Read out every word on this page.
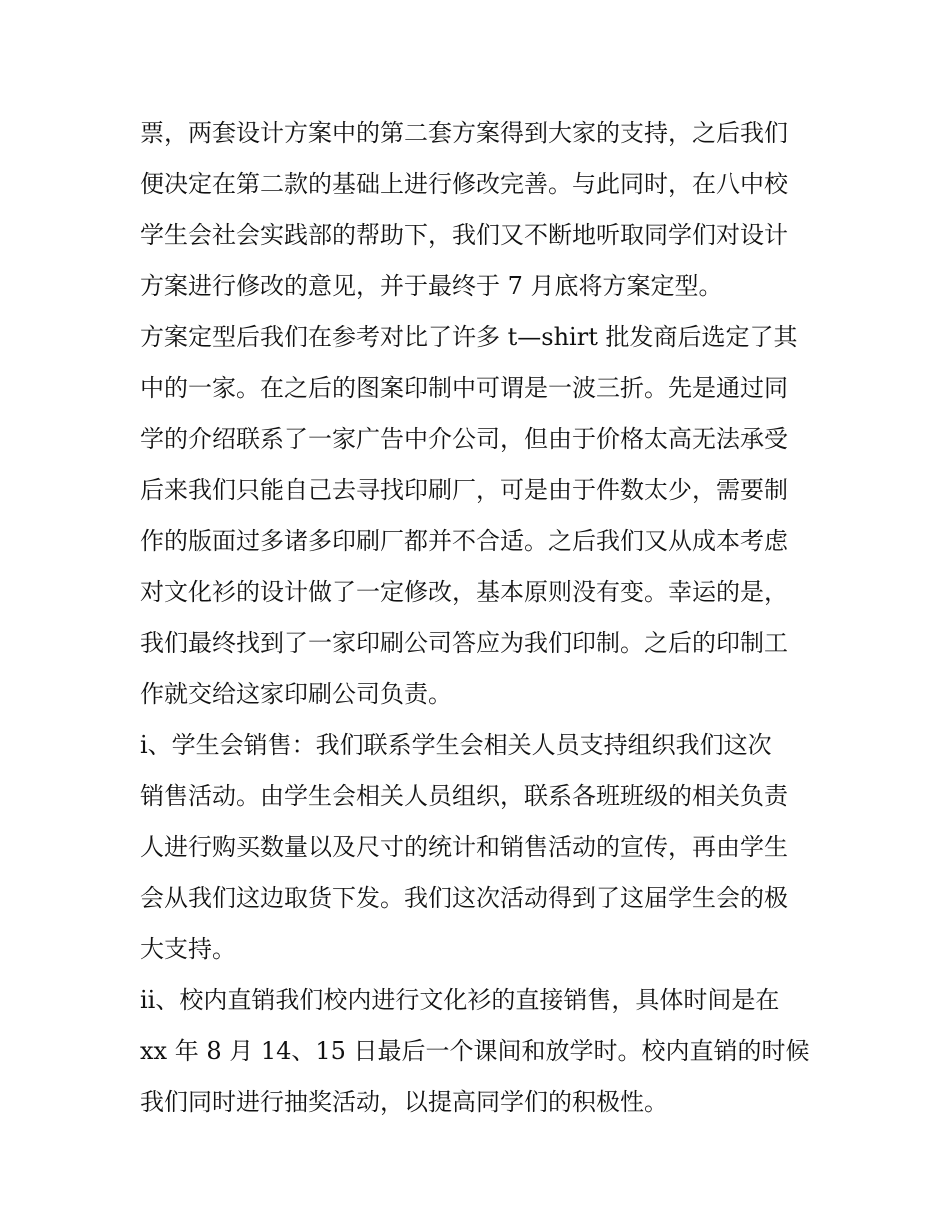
票，两套设计方案中的第二套方案得到大家的支持，之后我们
便决定在第二款的基础上进行修改完善。与此同时，在八中校
学生会社会实践部的帮助下，我们又不断地听取同学们对设计
方案进行修改的意见，并于最终于 7 月底将方案定型。
方案定型后我们在参考对比了许多 t—shirt 批发商后选定了其
中的一家。在之后的图案印制中可谓是一波三折。先是通过同
学的介绍联系了一家广告中介公司，但由于价格太高无法承受
后来我们只能自己去寻找印刷厂，可是由于件数太少，需要制
作的版面过多诸多印刷厂都并不合适。之后我们又从成本考虑
对文化衫的设计做了一定修改，基本原则没有变。幸运的是，
我们最终找到了一家印刷公司答应为我们印制。之后的印制工
作就交给这家印刷公司负责。
i、学生会销售：我们联系学生会相关人员支持组织我们这次
销售活动。由学生会相关人员组织，联系各班班级的相关负责
人进行购买数量以及尺寸的统计和销售活动的宣传，再由学生
会从我们这边取货下发。我们这次活动得到了这届学生会的极
大支持。
ii、校内直销我们校内进行文化衫的直接销售，具体时间是在
xx 年 8 月 14、15 日最后一个课间和放学时。校内直销的时候
我们同时进行抽奖活动，以提高同学们的积极性。
